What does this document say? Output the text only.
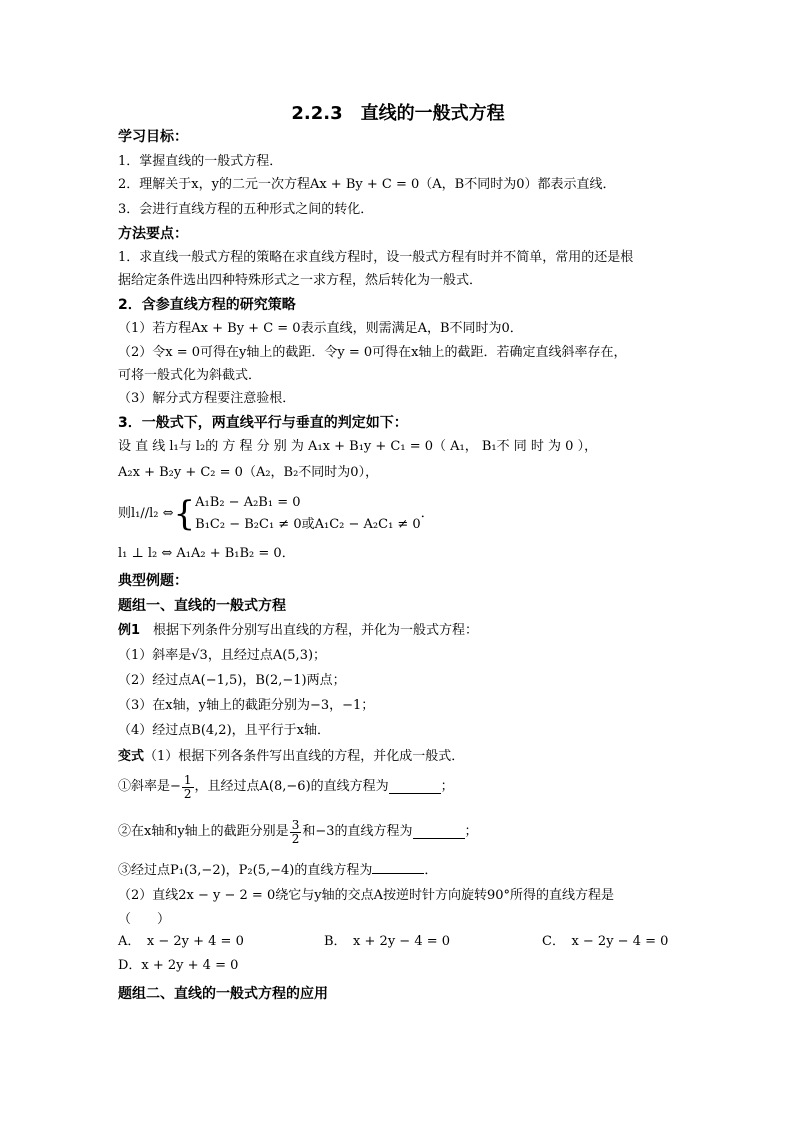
2.2.3　直线的一般式方程
学习目标：
1．掌握直线的一般式方程．
2．理解关于x，y的二元一次方程Ax + By + C = 0（A，B不同时为0）都表示直线．
3．会进行直线方程的五种形式之间的转化．
方法要点：
1．求直线一般式方程的策略在求直线方程时，设一般式方程有时并不简单，常用的还是根
据给定条件选出四种特殊形式之一求方程，然后转化为一般式．
2．含参直线方程的研究策略
（1）若方程Ax + By + C = 0表示直线，则需满足A，B不同时为0．
（2）令x = 0可得在y轴上的截距．令y = 0可得在x轴上的截距．若确定直线斜率存在，
可将一般式化为斜截式．
（3）解分式方程要注意验根．
3．一般式下，两直线平行与垂直的判定如下：
设 直 线 l₁与 l₂的 方 程 分 别 为 A₁x + B₁y + C₁ = 0（ A₁， B₁不 同 时 为 0 ），
A₂x + B₂y + C₂ = 0（A₂，B₂不同时为0），
则l₁//l₂ ⇔ { A₁B₂ − A₂B₁ = 0
B₁C₂ − B₂C₁ ≠ 0或A₁C₂ − A₂C₁ ≠ 0
．
l₁ ⊥ l₂ ⇔ A₁A₂ + B₁B₂ = 0．
典型例题：
题组一、直线的一般式方程
例1　根据下列条件分别写出直线的方程，并化为一般式方程：
（1）斜率是√3，且经过点A(5,3)；
（2）经过点A(−1,5)，B(2,−1)两点；
（3）在x轴，y轴上的截距分别为−3，−1；
（4）经过点B(4,2)，且平行于x轴．
变式（1）根据下列各条件写出直线的方程，并化成一般式．
①斜率是− $\frac{1}{2}$ ，且经过点A(8,−6)的直线方程为	；
②在x轴和y轴上的截距分别是 $\frac{3}{2}$ 和−3的直线方程为	；
③经过点P₁(3,−2)，P₂(5,−4)的直线方程为	．
（2）直线2x − y − 2 = 0绕它与y轴的交点A按逆时针方向旋转90°所得的直线方程是
（　　）
A．　x − 2y + 4 = 0	B．　x + 2y − 4 = 0	C．　x − 2y − 4 = 0
D．x + 2y + 4 = 0
题组二、直线的一般式方程的应用
